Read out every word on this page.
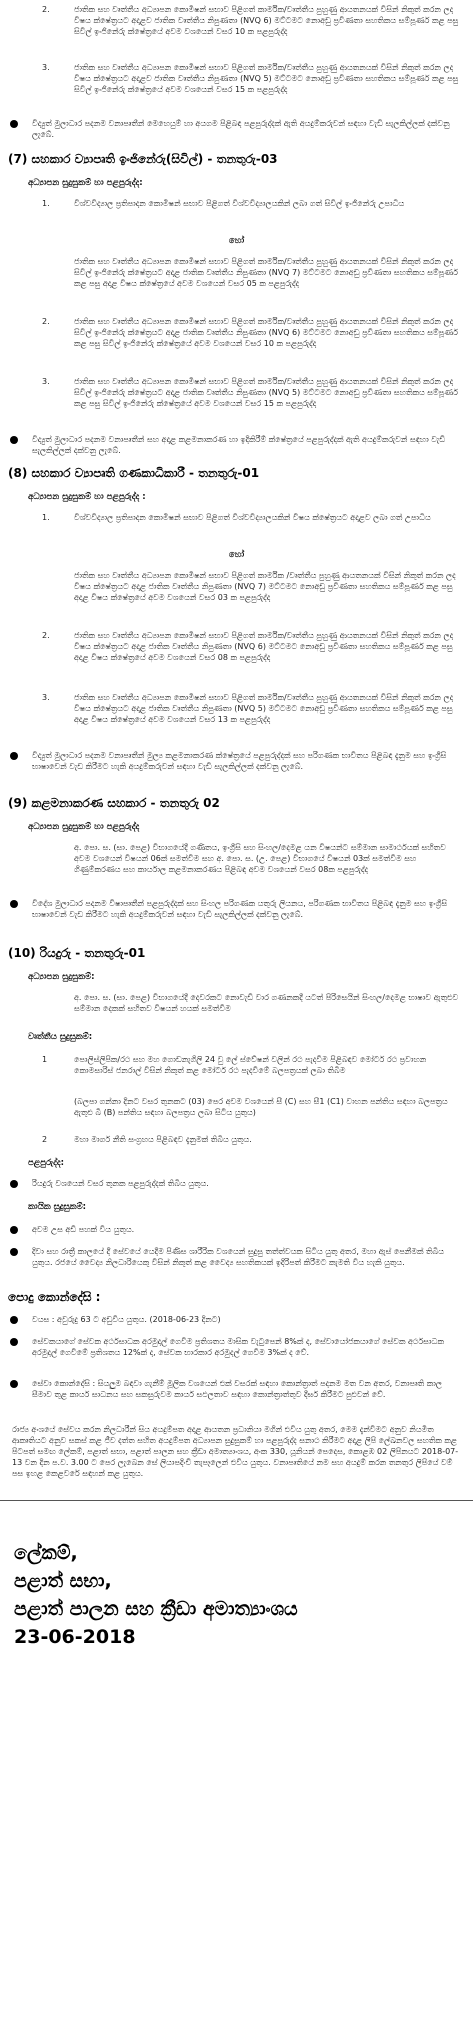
2.	ජාතික සහ වෘත්තීය අධ්‍යාපන කොමිෂන් සභාව පිළිගත් කාර්මික/වෘත්තීය පුහුණු ආයතනයක් විසින් නිකුත් කරන ලද විෂය ක්ෂේත්‍රයට අදාළව ජාතික වෘත්තීය නිපුණතා (NVQ 6) මට්ටමට නොඅඩු ප්‍රවීණතා සහතිකය සම්පූර්ණ කළ පසු සිවිල් ඉංජිනේරු ක්ෂේත්‍රයේ අවම වශයෙන් වසර 10 ක පළපුරුද්ද
3.	ජාතික සහ වෘත්තීය අධ්‍යාපන කොමිෂන් සභාව පිළිගත් කාර්මික/වෘත්තීය පුහුණු ආයතනයක් විසින් නිකුත් කරන ලද විෂය ක්ෂේත්‍රයට අදාළව ජාතික වෘත්තීය නිපුණතා (NVQ 5) මට්ටමට නොඅඩු ප්‍රවීණතා සහතිකය සම්පූර්ණ කළ පසු සිවිල් ඉංජිනේරු ක්ෂේත්‍රයේ අවම වශයෙන් වසර 15 ක පළපුරුද්ද
විද්‍යුත් මුලාධාර පදනම වනාපෘතීන් මෙහෙයුම් හා අයගම පිළිබඳ පළපුරුද්දක් ඇති අයදුම්කරුවන් සඳහා වැඩි සැලකිල්ලක් දක්වනු ලැබේ.
(7) සහකාර ව්‍යාපෘති ඉංජිනේරු(සිවිල්) - තනතුරු-03
අධ්‍යාපන සුදුසුකම් හා පළපුරුද්ද:
1.	විශ්වවිද්‍යාල ප්‍රතිපාදන කොමිෂන් සභාව පිළිගත් විශ්වවිද්‍යාලයකින් ලබා ගත් සිවිල් ඉංජිනේරු උපාධිය
හෝ
ජාතික සහ වෘත්තීය අධ්‍යාපන කොමිෂන් සභාව පිළිගත් කාර්මික/වෘත්තීය පුහුණු ආයතනයක් විසින් නිකුත් කරන ලද සිවිල් ඉංජිනේරු ක්ෂේත්‍රයට අදාළ ජාතික වෘත්තීය නිපුණතා (NVQ 7) මට්ටමට නොඅඩු ප්‍රවීණතා සහතිකය සම්පූර්ණ කළ පසු අදාළ විෂය ක්ෂේත්‍රයේ අවම වශයෙන් වසර 05 ක පළපුරුද්ද
2.	ජාතික සහ වෘත්තීය අධ්‍යාපන කොමිෂන් සභාව පිළිගත් කාර්මික/වෘත්තීය පුහුණු ආයතනයක් විසින් නිකුත් කරන ලද සිවිල් ඉංජිනේරු ක්ෂේත්‍රයට අදාළ ජාතික වෘත්තීය නිපුණතා (NVQ 6) මට්ටමට නොඅඩු ප්‍රවීණතා සහතිකය සම්පූර්ණ කළ පසු සිවිල් ඉංජිනේරු ක්ෂේත්‍රයේ අවම වශයෙන් වසර 10 ක පළපුරුද්ද
3.	ජාතික සහ වෘත්තීය අධ්‍යාපන කොමිෂන් සභාව පිළිගත් කාර්මික/වෘත්තීය පුහුණු ආයතනයක් විසින් නිකුත් කරන ලද සිවිල් ඉංජිනේරු ක්ෂේත්‍රයට අදාළ ජාතික වෘත්තීය නිපුණතා (NVQ 5) මට්ටමට නොඅඩු ප්‍රවීණතා සහතිකය සම්පූර්ණ කළ පසු සිවිල් ඉංජිනේරු ක්ෂේත්‍රයේ අවම වශයෙන් වසර 15 ක පළපුරුද්ද
විද්‍යුත් මුලාධාර පදනම වනාපෘතීන් සහ අදාළ කළමනාකරණ හා ඉදිකිරීම් ක්ෂේත්‍රයේ පළපුරුද්දක් ඇති අයදුම්කරුවන් සඳහා වැඩි සැලකිල්ලක් දක්වනු ලැබේ.
(8) සහකාර ව්‍යාපෘති ගණකාධිකාරී - තනතුරු-01
අධ්‍යාපන සුදුසුකම් හා පළපුරුද්ද :
1.	විශ්වවිද්‍යාල ප්‍රතිපාදන කොමිෂන් සභාව පිළිගත් විශ්වවිද්‍යාලයකින් විෂය ක්ෂේත්‍රයට අදාළව ලබා ගත් උපාධිය
හෝ
ජාතික සහ වෘත්තීය අධ්‍යාපන කොමිෂන් සභාව පිළිගත් කාර්මික /වෘත්තීය පුහුණු ආයතනයක් විසින් නිකුත් කරන ලද විෂය ක්ෂේත්‍රයට අදාළ ජාතික වෘත්තීය නිපුණතා (NVQ 7) මට්ටමට නොඅඩු ප්‍රවීණතා සහතිකය සම්පූර්ණ කළ පසු අදාළ විෂය ක්ෂේත්‍රයේ අවම වශයෙන් වසර 03 ක පළපුරුද්ද
2.	ජාතික සහ වෘත්තීය අධ්‍යාපන කොමිෂන් සභාව පිළිගත් කාර්මික/වෘත්තීය පුහුණු ආයතනයක් විසින් නිකුත් කරන ලද විෂය ක්ෂේත්‍රයට අදාළ ජාතික වෘත්තීය නිපුණතා (NVQ 6) මට්ටමට නොඅඩු ප්‍රවීණතා සහතිකය සම්පූර්ණ කළ පසු අදාළ විෂය ක්ෂේත්‍රයේ අවම වශයෙන් වසර 08 ක පළපුරුද්ද
3.	ජාතික සහ වෘත්තීය අධ්‍යාපන කොමිෂන් සභාව පිළිගත් කාර්මික/වෘත්තීය පුහුණු ආයතනයක් විසින් නිකුත් කරන ලද විෂය ක්ෂේත්‍රයට අදාළ ජාතික වෘත්තීය නිපුණතා (NVQ 5) මට්ටමට නොඅඩු ප්‍රවීණතා සහතිකය සම්පූර්ණ කළ පසු අදාළ විෂය ක්ෂේත්‍රයේ අවම වශයෙන් වසර 13 ක පළපුරුද්ද
විද්‍යුත් මුලාධාර පදනම වනාපෘතීන් මුල්‍ය කළමනාකරණ ක්ෂේත්‍රයේ පළපුරුද්දක් සහ පරිගණක භාවිතය පිළිබඳ දැනුම සහ ඉංග්‍රීසි භාෂාවෙන් වැඩ කිරීමට හැකි අයදුම්කරුවන් සඳහා වැඩි සැලකිල්ලක් දක්වනු ලැබේ.
(9) කළමනාකරණ සහකාර - තනතුරු 02
අධ්‍යාපන සුදුසුකම් හා පළපුරුද්ද
අ. පො. ස. (සා. පෙළ) විභාගයේදී ගණිතය, ඉංග්‍රීසි සහ සිංහල/දෙමළ යන විෂයන්ට සම්මාන සාමාර්ථයක් සහිතව අවම වශයෙන් විෂයන් 06ක් සමත්වීම සහ අ. පො. ස. (උ. පෙළ) විභාගයේ විෂයන් 03ක් සමත්වීම සහ ගිණුම්කරණය සහ කාර්යාල කළමනාකරණය පිළිබඳ අවම වශයෙන් වසර 08ක පළපුරුද්ද
විදේශ මුලාධාර පදනම විෂාපෘතීන් පළපුරුද්දක් සහ සිංහල පරිගණක යතුරු ලියනය, පරිගණක භාවිතය පිළිබඳ දැනුම සහ ඉංග්‍රීසි භාෂාවෙන් වැඩ කිරීමට හැකි අයදුම්කරුවන් සඳහා වැඩි සැලකිල්ලක් දක්වනු ලැබේ.
(10) රියදුරු - තනතුරු-01
අධ්‍යාපන සුදුසුකම්:
අ. පො. ස. (සා. පෙළ) විභාගයේදී දෙවරකට නොවැඩි වාර ගණනකදී යටත් පිරිසෙයින් සිංහල/දෙමළ භාෂාව ඇතුළුව සම්මාන දෙකක් සහිතව විෂයන් හයක් සමත්වීම
වෘත්තීය සුදුසුකම්:
1	පොලිස්ලිපික/රථ සහ මහ ගොඩනැගිලි 24 වු ලේ ස්වේෂන් වලින් රථ පැදවීම පිළිබඳව මෝටර් රථ ප්‍රවාහන කොමසාරිස් ජනරාල් විසින් නිකුත් කළ මෝටර් රථ පැදවීමේ බලපත්‍රයක් ලබා තිබීම
(බලපා ගන්නා දිනට වසර තුනකට (03) පෙර අවම වශයෙන් සී (C) සහ සී1 (C1) වාහන පන්තිය සඳහා බලපත්‍රය ඇතුළු බී (B) පන්තිය සඳහා බලපත්‍රය ලබා සිටිය යුතුය)
2	මහා මාර්ග නීති සංග්‍රහය පිළිබඳව දැනුමක් තිබිය යුතුය.
පළපුරුද්ද:
රියදුරු වශයෙන් වසර තුනක පළපුරුද්දක් තිබිය යුතුය.
කායික සුදුසුකම්:
අවම උස අඩි පහක් විය යුතුය.
දිවා සහ රාත්‍රී කාලයේ දී සේවයේ යෙදීම පිණිස ශාරීරික වශයෙන් සුදුසු තත්ත්වයක සිටිය යුතු අතර, මහා ඇස් පෙනීමක් තිබිය යුතුය. රජයේ වෛද්‍ය නිලධාරියෙකු විසින් නිකුත් කළ වෛද්‍ය සහතිකයක් ඉදිරිපත් කිරීමට කැමති විය හැකි යුතුය.
පොදු කොන්දේසි :
වයස : අවුරුදු 63 ට අඩුවිය යුතුය. (2018-06-23 දිනට)
සේවකයාගේ සේවක අර්ථසාධක අරමුදල් ගෙවීම ප්‍රතිශතය මාසික වැටුපෙන් 8%ක් ද, සේවායෝජකයාගේ සේවක අර්ථසාධක අරමුදල් ගෙවීමේ ප්‍රතිශතය 12%ක් ද, සේවක භාරකාර අරමුදල් ගෙවීම 3%ක් ද වේ.
සේවා කොන්දේසි : සියලුම බඳවා ගැනීම් මූලික වශයෙන් එක් වසරක් සඳහා කොන්ත්‍රාත් පදනම මත වන අතර, වනාපෘති කාල සීමාව තුළ කාර්ය සාධනය සහ සකසුරුවම කාර්ය සඵලතාව සඳහා කොන්ත්‍රාත්තුව දීර්ඝ කිරීමට පුළුවන් වේ.
රාජ්‍ය අංශයේ සේවය කරන නිලධාරීන් සිය අයදුම්පත අදාළ ආයතන ප්‍රධානියා මගින් එවිය යුතු අතර, මෙම දැන්වීමට අනුව නියමිත ආකෘතියට අනුව සකස් කළ ජීව දත්ත සහිත අයදුම්පත අධ්‍යාපන සුදුසුකම් හා පළපුරුද්ද සනාථ කිරීමට අදාළ ලිපි ලේඛනවල සහතික කළ පිටපත් සමඟ ලේකම්, පළාත් සභා, පළාත් පාලන සහ ක්‍රීඩා අමාත්‍යාංශය, අංක 330, යූනියන් පෙදෙස, කොළඹ 02 ලිපිනයට 2018-07-13 වන දින ප.ව. 3.00 ට පෙර ලැබෙන සේ ලියාපදිංචි තැපෑලෙන් එවිය යුතුය. වනාපෘතියේ නම සහ අයදුම් කරන තනතුර ලිපියේ වම් පස ඉහළ කෙළවරේ සඳහන් කළ යුතුය.
ලේකම්,
පළාත් සභා,
පළාත් පාලන සහ ක්‍රීඩා අමාත්‍යාංශය
23-06-2018
